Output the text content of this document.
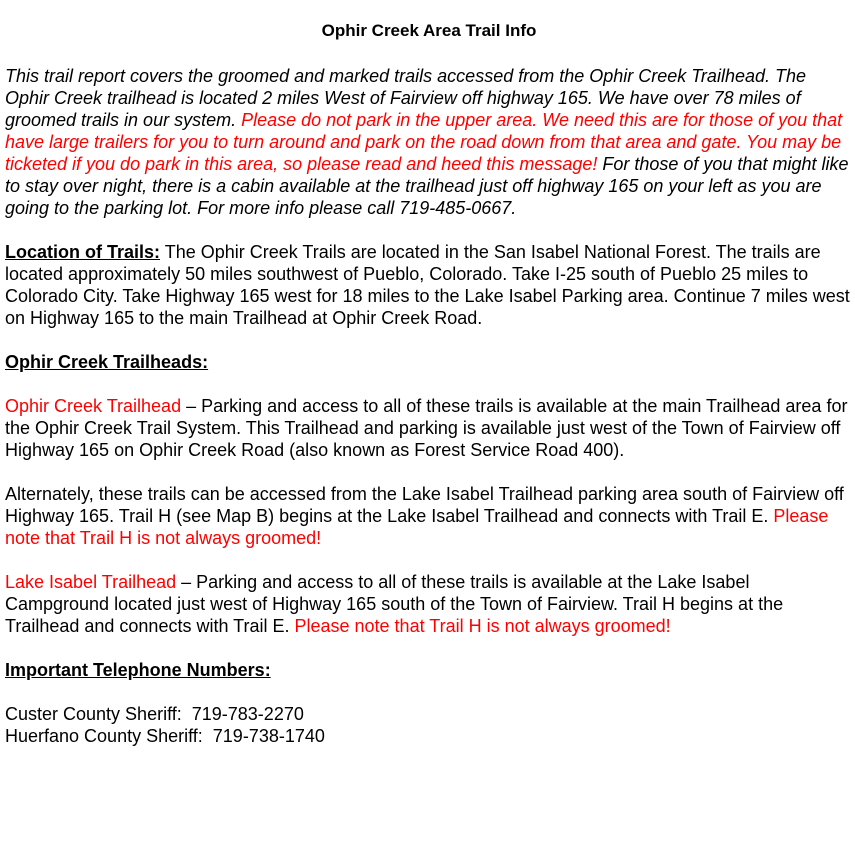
Ophir Creek Area Trail Info

This trail report covers the groomed and marked trails accessed from the Ophir Creek Trailhead. The Ophir Creek trailhead is located 2 miles West of Fairview off highway 165. We have over 78 miles of groomed trails in our system. Please do not park in the upper area. We need this are for those of you that have large trailers for you to turn around and park on the road down from that area and gate. You may be ticketed if you do park in this area, so please read and heed this message! For those of you that might like to stay over night, there is a cabin available at the trailhead just off highway 165 on your left as you are going to the parking lot. For more info please call 719-485-0667.

Location of Trails: The Ophir Creek Trails are located in the San Isabel National Forest. The trails are located approximately 50 miles southwest of Pueblo, Colorado. Take I-25 south of Pueblo 25 miles to Colorado City. Take Highway 165 west for 18 miles to the Lake Isabel Parking area. Continue 7 miles west on Highway 165 to the main Trailhead at Ophir Creek Road.

Ophir Creek Trailheads:

Ophir Creek Trailhead – Parking and access to all of these trails is available at the main Trailhead area for the Ophir Creek Trail System. This Trailhead and parking is available just west of the Town of Fairview off Highway 165 on Ophir Creek Road (also known as Forest Service Road 400).

Alternately, these trails can be accessed from the Lake Isabel Trailhead parking area south of Fairview off Highway 165. Trail H (see Map B) begins at the Lake Isabel Trailhead and connects with Trail E. Please note that Trail H is not always groomed!

Lake Isabel Trailhead – Parking and access to all of these trails is available at the Lake Isabel Campground located just west of Highway 165 south of the Town of Fairview. Trail H begins at the Trailhead and connects with Trail E. Please note that Trail H is not always groomed!

Important Telephone Numbers:

Custer County Sheriff:  719-783-2270
Huerfano County Sheriff:  719-738-1740
